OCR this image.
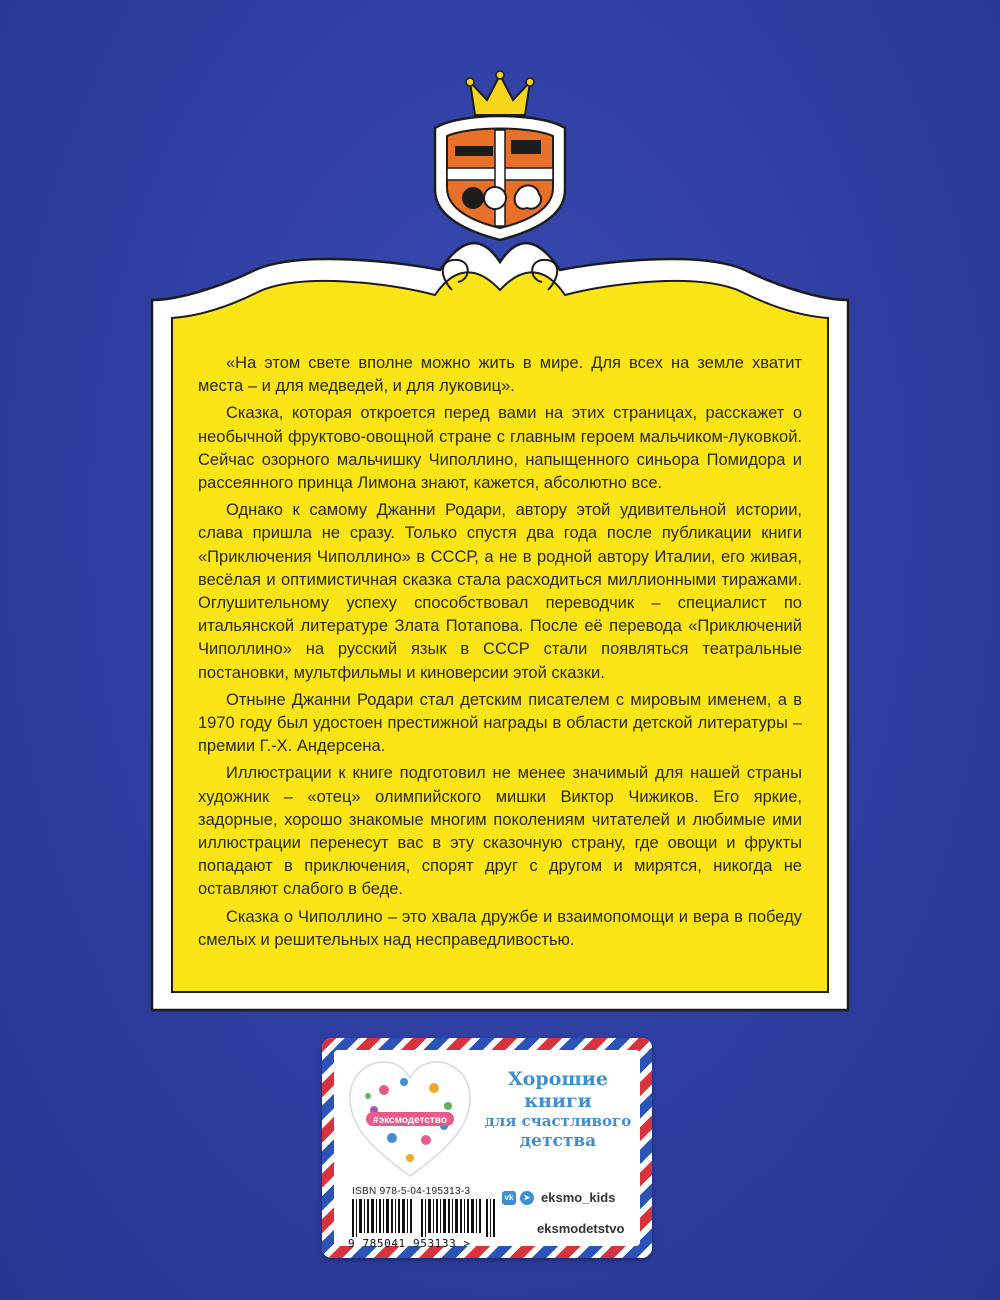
«На этом свете вполне можно жить в мире. Для всех на земле хватит места – и для медведей, и для луковиц».

Сказка, которая откроется перед вами на этих страницах, расскажет о необычной фруктово-овощной стране с главным героем мальчиком-луковкой. Сейчас озорного мальчишку Чиполлино, напыщенного синьора Помидора и рассеянного принца Лимона знают, кажется, абсолютно все.

Однако к самому Джанни Родари, автору этой удивительной истории, слава пришла не сразу. Только спустя два года после публикации книги «Приключения Чиполлино» в СССР, а не в родной автору Италии, его живая, весёлая и оптимистичная сказка стала расходиться миллионными тиражами. Оглушительному успеху способствовал переводчик – специалист по итальянской литературе Злата Потапова. После её перевода «Приключений Чиполлино» на русский язык в СССР стали появляться театральные постановки, мультфильмы и киноверсии этой сказки.

Отныне Джанни Родари стал детским писателем с мировым именем, а в 1970 году был удостоен престижной награды в области детской литературы – премии Г.-Х. Андерсена.

Иллюстрации к книге подготовил не менее значимый для нашей страны художник – «отец» олимпийского мишки Виктор Чижиков. Его яркие, задорные, хорошо знакомые многим поколениям читателей и любимые ими иллюстрации перенесут вас в эту сказочную страну, где овощи и фрукты попадают в приключения, спорят друг с другом и мирятся, никогда не оставляют слабого в беде.

Сказка о Чиполлино – это хвала дружбе и взаимопомощи и вера в победу смелых и решительных над несправедливостью.

#эксмодетство
Хорошие
книги
для счастливого
детства
ISBN 978-5-04-195313-3
9 785041 953133 >
vk	➤ eksmo_kids
eksmodetstvo
